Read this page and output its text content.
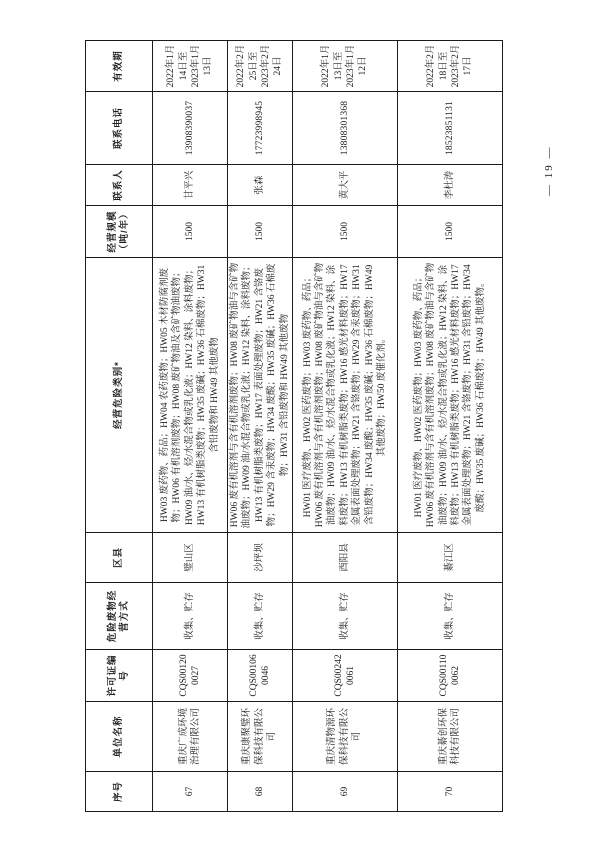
序号	单位名称	许可证编号	危险废物经营方式	区县	经营危险类别*	经营规模（吨/年）	联系人	联系电话	有效期
67	重庆广成环境治理有限公司	CQS001200027	收集、贮存	璧山区	HW03 废药物、药品；HW04 农药废物；HW05 木材防腐剂废物；HW06 有机溶剂废物；HW08 废矿物油及含矿物油废物；HW09 油/水、烃/水混合物或乳化液；HW12 染料、涂料废物；HW13 有机树脂类废物；HW35 废碱；HW36 石棉废物；HW31 含铅废物和 HW49 其他废物	1500	甘平兴	13908390037	2022年1月14日至2023年1月13日
68	重庆康聚璧环保科技有限公司	CQS001060046	收集、贮存	沙坪坝	HW06 废有机溶剂与含有机溶剂废物；HW08 废矿物油与含矿物油废物；HW09 油/水混合物或乳化液；HW12 染料、涂料废物；HW13 有机树脂类废物；HW17 表面处理废物；HW21 含铬废物；HW29 含汞废物；HW34 废酸；HW35 废碱；HW36 石棉废物；HW31 含铅废物和 HW49 其他废物	1500	张森	17723998945	2022年2月25日至2023年2月24日
69	重庆清物源环保科技有限公司	CQS002420061	收集、贮存	酉阳县	HW01 医疗废物、HW02 医药废物；HW03 废药物、药品；HW06 废有机溶剂与含有机溶剂废物；HW08 废矿物油与含矿物油废物；HW09 油/水、烃/水混合物或乳化液；HW12 染料、涂料废物；HW13 有机树脂类废物；HW16 感光材料废物；HW17 金属表面处理废物；HW21 含铬废物；HW29 含汞废物；HW31 含铅废物；HW34 废酸；HW35 废碱；HW36 石棉废物；HW49 其他废物；HW50 废催化剂。	1500	黄大平	13808301368	2022年1月13日至2023年1月12日
70	重庆綦创环保科技有限公司	CQS001100062	收集、贮存	綦江区	HW01 医疗废物、HW02 医药废物；HW03 废药物、药品；HW06 废有机溶剂与含有机溶剂废物；HW08 废矿物油与含矿物油废物；HW09 油/水、烃/水混合物或乳化液；HW12 染料、涂料废物；HW13 有机树脂类废物；HW16 感光材料废物；HW17 金属表面处理废物；HW21 含铬废物；HW31 含铅废物；HW34 废酸；HW35 废碱；HW36 石棉废物；HW49 其他废物。	1500	李杜涛	18523851131	2022年2月18日至2023年2月17日
— 19 —
